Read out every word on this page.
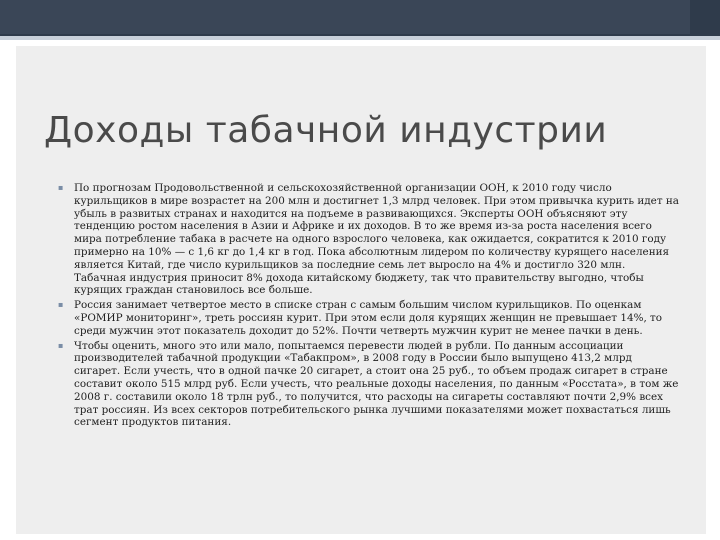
Доходы табачной индустрии
▪ По прогнозам Продовольственной и сельскохозяйственной организации ООН, к 2010 году число курильщиков в мире возрастет на 200 млн и достигнет 1,3 млрд человек. При этом привычка курить идет на убыль в развитых странах и находится на подъеме в развивающихся. Эксперты ООН объясняют эту тенденцию ростом населения в Азии и Африке и их доходов. В то же время из-за роста населения всего мира потребление табака в расчете на одного взрослого человека, как ожидается, сократится к 2010 году примерно на 10% — с 1,6 кг до 1,4 кг в год. Пока абсолютным лидером по количеству курящего населения является Китай, где число курильщиков за последние семь лет выросло на 4% и достигло 320 млн. Табачная индустрия приносит 8% дохода китайскому бюджету, так что правительству выгодно, чтобы курящих граждан становилось все больше.
▪ Россия занимает четвертое место в списке стран с самым большим числом курильщиков. По оценкам «РОМИР мониторинг», треть россиян курит. При этом если доля курящих женщин не превышает 14%, то среди мужчин этот показатель доходит до 52%. Почти четверть мужчин курит не менее пачки в день.
▪ Чтобы оценить, много это или мало, попытаемся перевести людей в рубли. По данным ассоциации производителей табачной продукции «Табакпром», в 2008 году в России было выпущено 413,2 млрд сигарет. Если учесть, что в одной пачке 20 сигарет, а стоит она 25 руб., то объем продаж сигарет в стране составит около 515 млрд руб. Если учесть, что реальные доходы населения, по данным «Росстата», в том же 2008 г. составили около 18 трлн руб., то получится, что расходы на сигареты составляют почти 2,9% всех трат россиян. Из всех секторов потребительского рынка лучшими показателями может похвастаться лишь сегмент продуктов питания.
